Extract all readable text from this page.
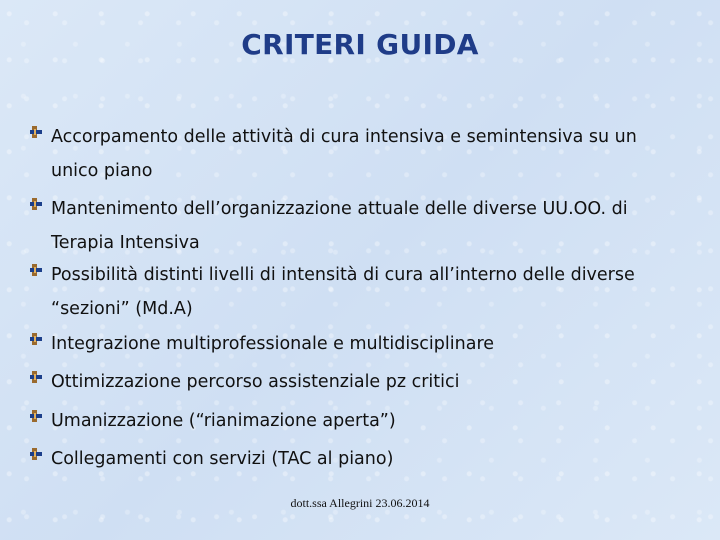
CRITERI GUIDA
Accorpamento delle attività di cura intensiva e semintensiva su un unico piano
Mantenimento dell’organizzazione attuale delle diverse UU.OO. di Terapia Intensiva
Possibilità distinti livelli di intensità di cura all’interno delle diverse “sezioni” (Md.A)
Integrazione multiprofessionale e multidisciplinare
Ottimizzazione percorso assistenziale pz critici
Umanizzazione (“rianimazione aperta”)
Collegamenti con servizi (TAC al piano)
dott.ssa Allegrini 23.06.2014
